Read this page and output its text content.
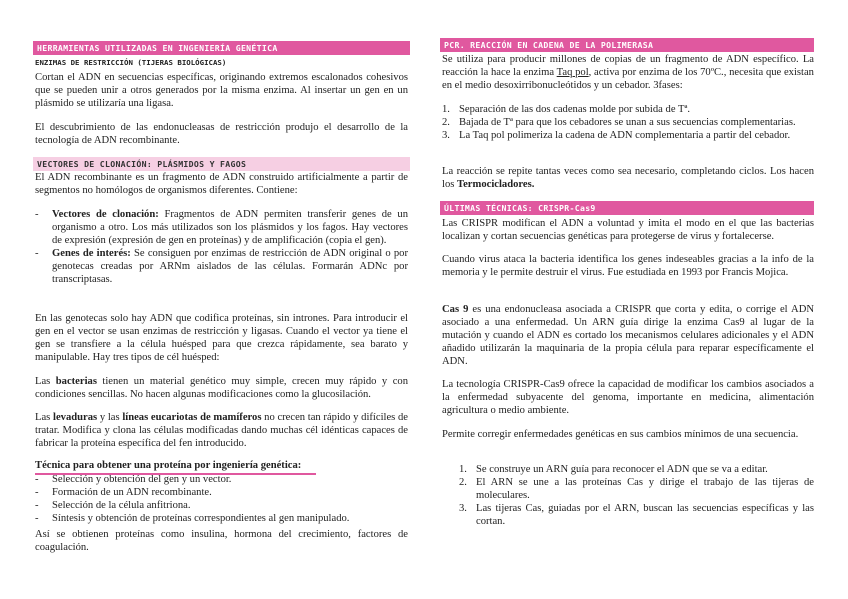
HERRAMIENTAS UTILIZADAS EN INGENIERÍA GENÉTICA
ENZIMAS DE RESTRICCIÓN (TIJERAS BIOLÓGICAS)

Cortan el ADN en secuencias específicas, originando extremos escalonados cohesivos que se pueden unir a otros generados por la misma enzima. Al insertar un gen en un plásmido se utilizaría una ligasa.

El descubrimiento de las endonucleasas de restricción produjo el desarrollo de la tecnología de ADN recombinante.

VECTORES DE CLONACIÓN: PLÁSMIDOS Y FAGOS

El ADN recombinante es un fragmento de ADN construido artificialmente a partir de segmentos no homólogos de organismos diferentes. Contiene:

-	Vectores de clonación: Fragmentos de ADN permiten transferir genes de un organismo a otro. Los más utilizados son los plásmidos y los fagos. Hay vectores de expresión (expresión de gen en proteínas) y de amplificación (copia el gen).
-	Genes de interés: Se consiguen por enzimas de restricción de ADN original o por genotecas creadas por ARNm aislados de las células. Formarán ADNc por transcriptasas.

En las genotecas solo hay ADN que codifica proteínas, sin intrones. Para introducir el gen en el vector se usan enzimas de restricción y ligasas. Cuando el vector ya tiene el gen se transfiere a la célula huésped para que crezca rápidamente, sea barato y manipulable. Hay tres tipos de cél huésped:

Las bacterias tienen un material genético muy simple, crecen muy rápido y con condiciones sencillas. No hacen algunas modificaciones como la glucosilación.

Las levaduras y las líneas eucariotas de mamíferos no crecen tan rápido y difíciles de tratar. Modifica y clona las células modificadas dando muchas cél idénticas capaces de fabricar la proteína específica del fen introducido.

Técnica para obtener una proteína por ingeniería genética:

-	Selección y obtención del gen y un vector.
-	Formación de un ADN recombinante.
-	Selección de la célula anfitriona.
-	Síntesis y obtención de proteínas correspondientes al gen manipulado.

Así se obtienen proteínas como insulina, hormona del crecimiento, factores de coagulación.

PCR. REACCIÓN EN CADENA DE LA POLIMERASA

Se utiliza para producir millones de copias de un fragmento de ADN específico. La reacción la hace la enzima Taq pol, activa por enzima de los 70ºC., necesita que existan en el medio desoxirribonucleótidos y un cebador. 3fases:

1. Separación de las dos cadenas molde por subida de Tª.
2. Bajada de Tª para que los cebadores se unan a sus secuencias complementarias.
3. La Taq pol polimeriza la cadena de ADN complementaria a partir del cebador.

La reacción se repite tantas veces como sea necesario, completando ciclos. Los hacen los Termocicladores.

ÚLTIMAS TÉCNICAS: CRISPR-Cas9

Las CRISPR modifican el ADN a voluntad y imita el modo en el que las bacterias localizan y cortan secuencias genéticas para protegerse de virus y fortalecerse.

Cuando virus ataca la bacteria identifica los genes indeseables gracias a la info de la memoria y le permite destruir el virus. Fue estudiada en 1993 por Francis Mojica.

Cas 9 es una endonucleasa asociada a CRISPR que corta y edita, o corrige el ADN asociado a una enfermedad. Un ARN guía dirige la enzima Cas9 al lugar de la mutación y cuando el ADN es cortado los mecanismos celulares adicionales y el ADN añadido utilizarán la maquinaria de la propia célula para reparar específicamente el ADN.

La tecnología CRISPR-Cas9 ofrece la capacidad de modificar los cambios asociados a la enfermedad subyacente del genoma, importante en medicina, alimentación agricultura o medio ambiente.

Permite corregir enfermedades genéticas en sus cambios mínimos de una secuencia.

1. Se construye un ARN guía para reconocer el ADN que se va a editar.
2. El ARN se une a las proteínas Cas y dirige el trabajo de las tijeras de moleculares.
3. Las tijeras Cas, guiadas por el ARN, buscan las secuencias específicas y las cortan.
